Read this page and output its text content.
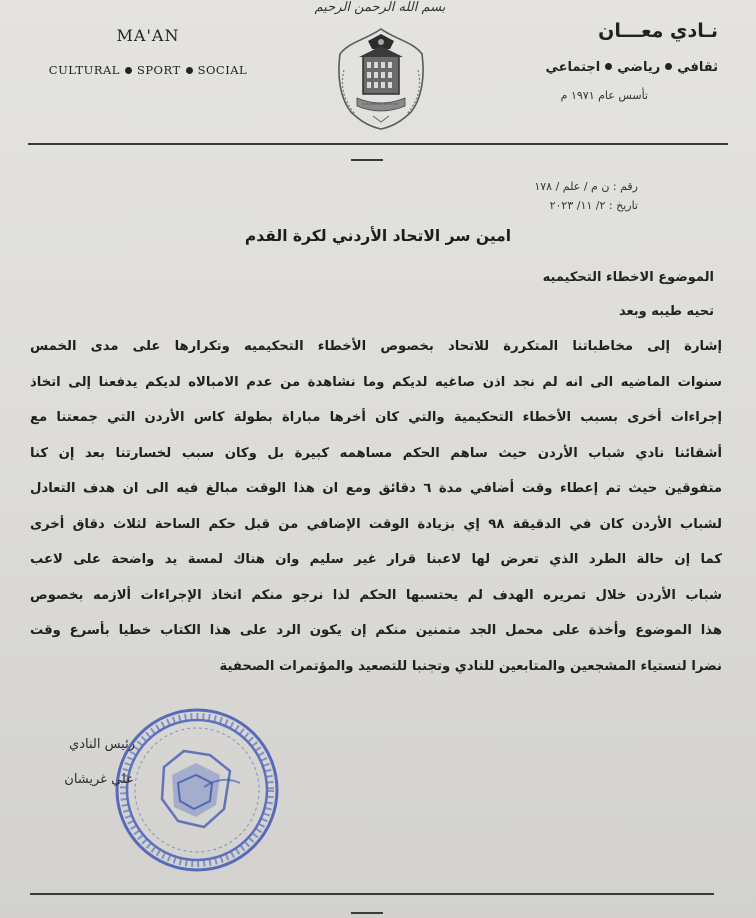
بسم الله الرحمن الرحيم
MA'AN
CULTURAL SPORT SOCIAL
نـادي معـــان
ثقافيرياضياجتماعي
تأسس عام ١٩٧١ م
رقم : ن م / علم / ١٧٨
تاريخ : ٢/ ١١/ ٢٠٢٣
امين سر الاتحاد الأردني لكرة القدم
الموضوع الاخطاء التحكيميه
تحيه طيبه وبعد
إشارة إلى مخاطباتنا المتكررة للاتحاد بخصوص الأخطاء التحكيميه وتكرارها على مدى الخمس
سنوات الماضيه الى انه لم نجد اذن صاغيه لديكم وما نشاهدة من عدم الامبالاه لديكم يدفعنا إلى اتخاذ
إجراءات أخرى بسبب الأخطاء التحكيمية والتي كان أخرها مباراة بطولة كاس الأردن التي جمعتنا مع
أشقائنا نادي شباب الأردن حيث ساهم الحكم مساهمه كبيرة بل وكان سبب لخسارتنا بعد إن كنا
متفوقين حيث تم إعطاء وقت أضافي مدة ٦ دقائق ومع ان هذا الوقت مبالغ فيه الى ان هدف التعادل
لشباب الأردن كان في الدقيقة ٩٨ إي بزيادة الوقت الإضافي من قبل حكم الساحة لثلاث دقاق أخرى
كما إن حالة الطرد الذي تعرض لها لاعبنا قرار غير سليم وان هناك لمسة يد واضحة على لاعب
شباب الأردن خلال تمريره الهدف لم يحتسبها الحكم لذا نرجو منكم اتخاذ الإجراءات ألازمه بخصوص
هذا الموضوع وأخذة على محمل الجد متمنين منكم إن يكون الرد على هذا الكتاب خطيا بأسرع وقت
نضرا لنستياء المشجعين والمتابعين للنادي وتجنبا للتصعيد والمؤتمرات الصحفية
رئيس النادي
علي غريشان
